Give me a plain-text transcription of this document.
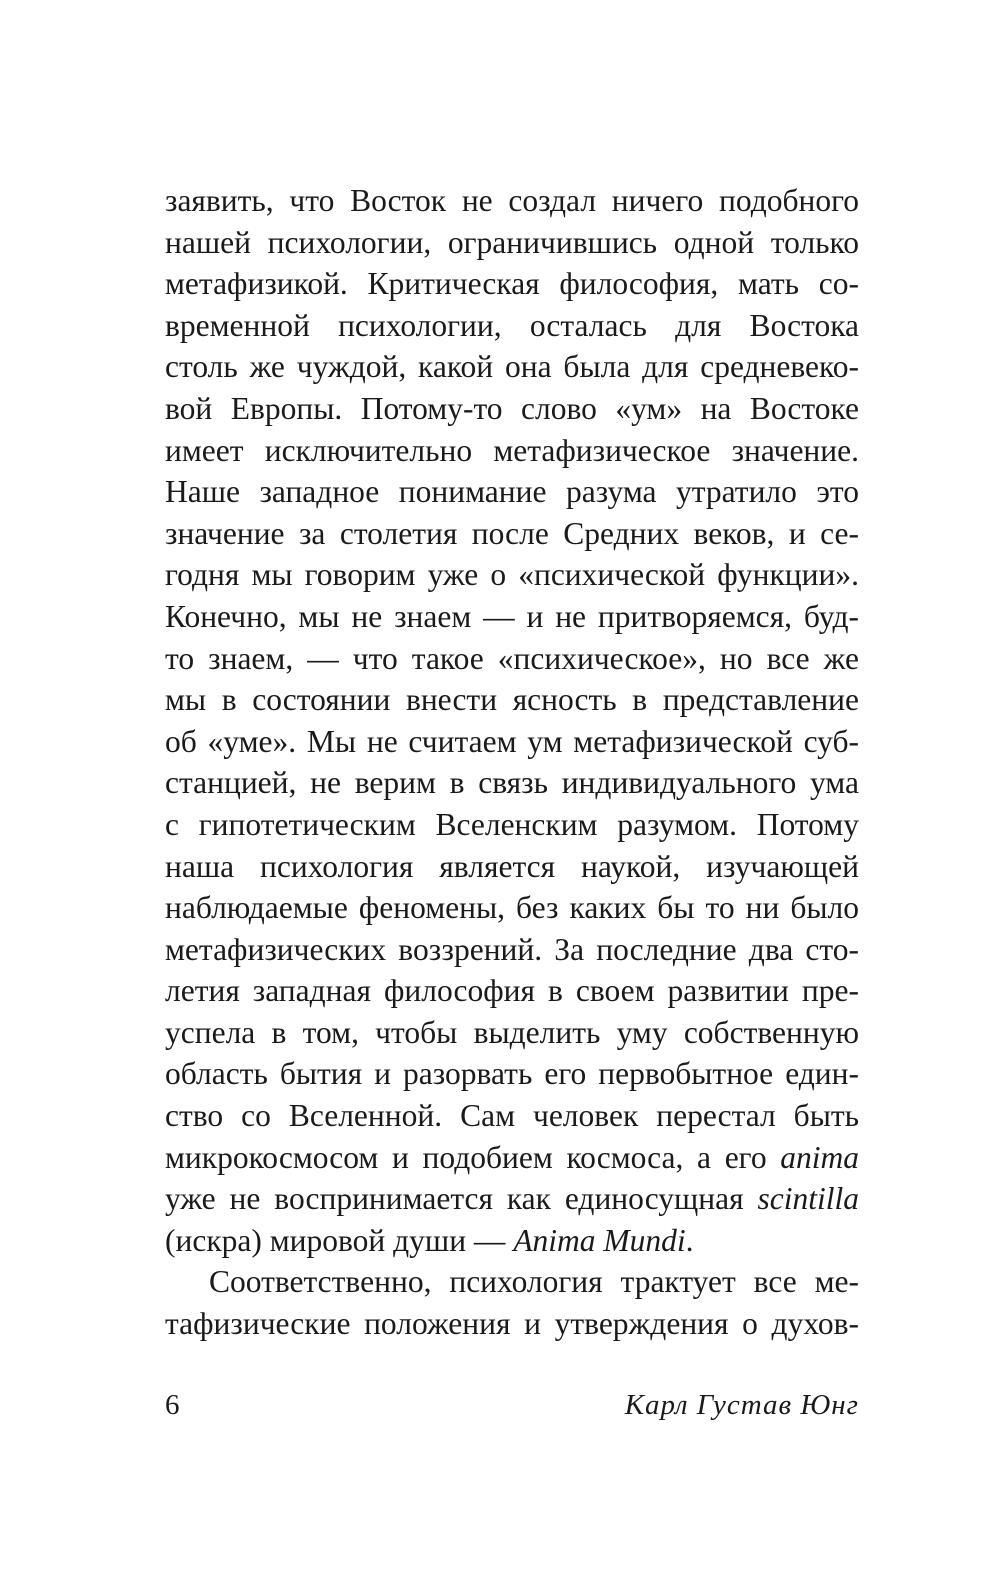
заявить, что Восток не создал ничего подобного
нашей психологии, ограничившись одной только
метафизикой. Критическая философия, мать со-
временной психологии, осталась для Востока
столь же чуждой, какой она была для средневеко-
вой Европы. Потому-то слово «ум» на Востоке
имеет исключительно метафизическое значение.
Наше западное понимание разума утратило это
значение за столетия после Средних веков, и се-
годня мы говорим уже о «психической функции».
Конечно, мы не знаем — и не притворяемся, буд-
то знаем, — что такое «психическое», но все же
мы в состоянии внести ясность в представление
об «уме». Мы не считаем ум метафизической суб-
станцией, не верим в связь индивидуального ума
с гипотетическим Вселенским разумом. Потому
наша психология является наукой, изучающей
наблюдаемые феномены, без каких бы то ни было
метафизических воззрений. За последние два сто-
летия западная философия в своем развитии пре-
успела в том, чтобы выделить уму собственную
область бытия и разорвать его первобытное един-
ство со Вселенной. Сам человек перестал быть
микрокосмосом и подобием космоса, а его anima
уже не воспринимается как единосущная scintilla
(искра) мировой души — Anima Mundi.
Соответственно, психология трактует все ме-
тафизические положения и утверждения о духов-
6	Карл Густав Юнг
